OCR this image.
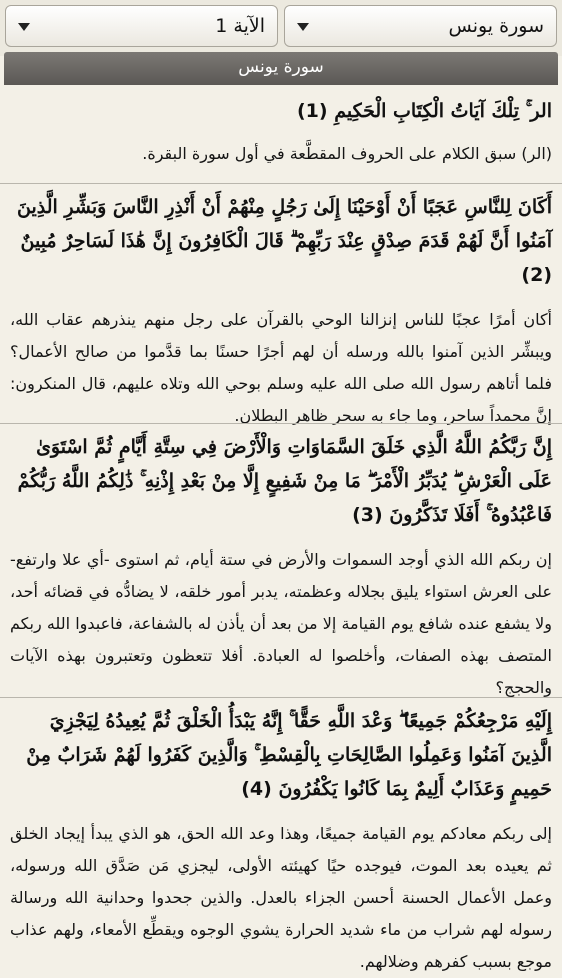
سورة يونس
الآية 1
سورة يونس
الر ۚ تِلْكَ آيَاتُ الْكِتَابِ الْحَكِيمِ (1)
(الر) سبق الكلام على الحروف المقطَّعة في أول سورة البقرة.
أَكَانَ لِلنَّاسِ عَجَبًا أَنْ أَوْحَيْنَا إِلَىٰ رَجُلٍ مِنْهُمْ أَنْ أَنْذِرِ النَّاسَ وَبَشِّرِ الَّذِينَ آمَنُوا أَنَّ لَهُمْ قَدَمَ صِدْقٍ عِنْدَ رَبِّهِمْ ۗ قَالَ الْكَافِرُونَ إِنَّ هَٰذَا لَسَاحِرٌ مُبِينٌ (2)
أكان أمرًا عجبًا للناس إنزالنا الوحي بالقرآن على رجل منهم ينذرهم عقاب الله، ويبشِّر الذين آمنوا بالله ورسله أن لهم أجرًا حسنًا بما قدَّموا من صالح الأعمال؟ فلما أتاهم رسول الله صلى الله عليه وسلم بوحي الله وتلاه عليهم، قال المنكرون: إنَّ محمداً ساحر، وما جاء به سحر ظاهر البطلان.
إِنَّ رَبَّكُمُ اللَّهُ الَّذِي خَلَقَ السَّمَاوَاتِ وَالْأَرْضَ فِي سِتَّةِ أَيَّامٍ ثُمَّ اسْتَوَىٰ عَلَى الْعَرْشِ ۖ يُدَبِّرُ الْأَمْرَ ۖ مَا مِنْ شَفِيعٍ إِلَّا مِنْ بَعْدِ إِذْنِهِ ۚ ذَٰلِكُمُ اللَّهُ رَبُّكُمْ فَاعْبُدُوهُ ۚ أَفَلَا تَذَكَّرُونَ (3)
إن ربكم الله الذي أوجد السموات والأرض في ستة أيام، ثم استوى -أي علا وارتفع- على العرش استواء يليق بجلاله وعظمته، يدبر أمور خلقه، لا يضادُّه في قضائه أحد، ولا يشفع عنده شافع يوم القيامة إلا من بعد أن يأذن له بالشفاعة، فاعبدوا الله ربكم المتصف بهذه الصفات، وأخلصوا له العبادة. أفلا تتعظون وتعتبرون بهذه الآيات والحجج؟
إِلَيْهِ مَرْجِعُكُمْ جَمِيعًا ۖ وَعْدَ اللَّهِ حَقًّا ۚ إِنَّهُ يَبْدَأُ الْخَلْقَ ثُمَّ يُعِيدُهُ لِيَجْزِيَ الَّذِينَ آمَنُوا وَعَمِلُوا الصَّالِحَاتِ بِالْقِسْطِ ۚ وَالَّذِينَ كَفَرُوا لَهُمْ شَرَابٌ مِنْ حَمِيمٍ وَعَذَابٌ أَلِيمٌ بِمَا كَانُوا يَكْفُرُونَ (4)
إلى ربكم معادكم يوم القيامة جميعًا، وهذا وعد الله الحق، هو الذي يبدأ إيجاد الخلق ثم يعيده بعد الموت، فيوجده حيًا كهيئته الأولى، ليجزي مَن صَدَّق الله ورسوله، وعمل الأعمال الحسنة أحسن الجزاء بالعدل. والذين جحدوا وحدانية الله ورسالة رسوله لهم شراب من ماء شديد الحرارة يشوي الوجوه ويقطِّع الأمعاء، ولهم عذاب موجع بسبب كفرهم وضلالهم.
